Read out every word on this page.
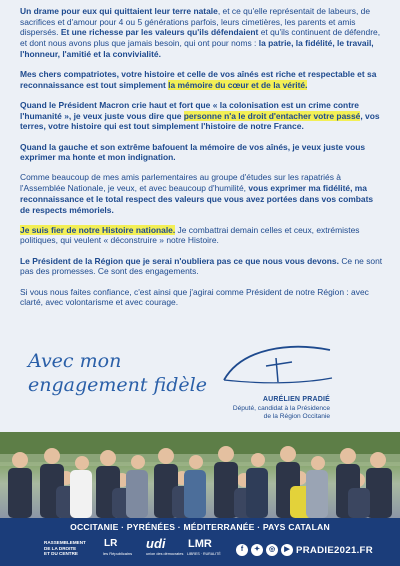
Un drame pour eux qui quittaient leur terre natale, et ce qu'elle représentait de labeurs, de sacrifices et d'amour pour 4 ou 5 générations parfois, leurs cimetières, les parents et amis dispersés. Et une richesse par les valeurs qu'ils défendaient et qu'ils continuent de défendre, et dont nous avons plus que jamais besoin, qui ont pour noms : la patrie, la fidélité, le travail, l'honneur, l'amitié et la convivialité.

Mes chers compatriotes, votre histoire et celle de vos aînés est riche et respectable et sa reconnaissance est tout simplement la mémoire du cœur et de la vérité.

Quand le Président Macron crie haut et fort que « la colonisation est un crime contre l'humanité », je veux juste vous dire que personne n'a le droit d'entacher votre passé, vos terres, votre histoire qui est tout simplement l'histoire de notre France.

Quand la gauche et son extrême bafouent la mémoire de vos aînés, je veux juste vous exprimer ma honte et mon indignation.

Comme beaucoup de mes amis parlementaires au groupe d'études sur les rapatriés à l'Assemblée Nationale, je veux, et avec beaucoup d'humilité, vous exprimer ma fidélité, ma reconnaissance et le total respect des valeurs que vous avez portées dans vos combats de respects mémoriels.

Je suis fier de notre Histoire nationale. Je combattrai demain celles et ceux, extrémistes politiques, qui veulent « déconstruire » notre Histoire.

Le Président de la Région que je serai n'oubliera pas ce que nous vous devons. Ce ne sont pas des promesses. Ce sont des engagements.

Si vous nous faites confiance, c'est ainsi que j'agirai comme Président de notre Région : avec clarté, avec volontarisme et avec courage.

Avec mon
engagement fidèle
AURÉLIEN PRADIÉ
Député, candidat à la Présidence
de la Région Occitanie
OCCITANIE · PYRÉNÉES · MÉDITERRANÉE · PAYS CATALAN
RASSEMBLEMENT
DE LA DROITE
ET DU CENTRE
LR
les Républicains
udi
union des démocrates
LMR
LIBRES · RURALITÉ
f	✦	◎	▶ PRADIE2021.FR
